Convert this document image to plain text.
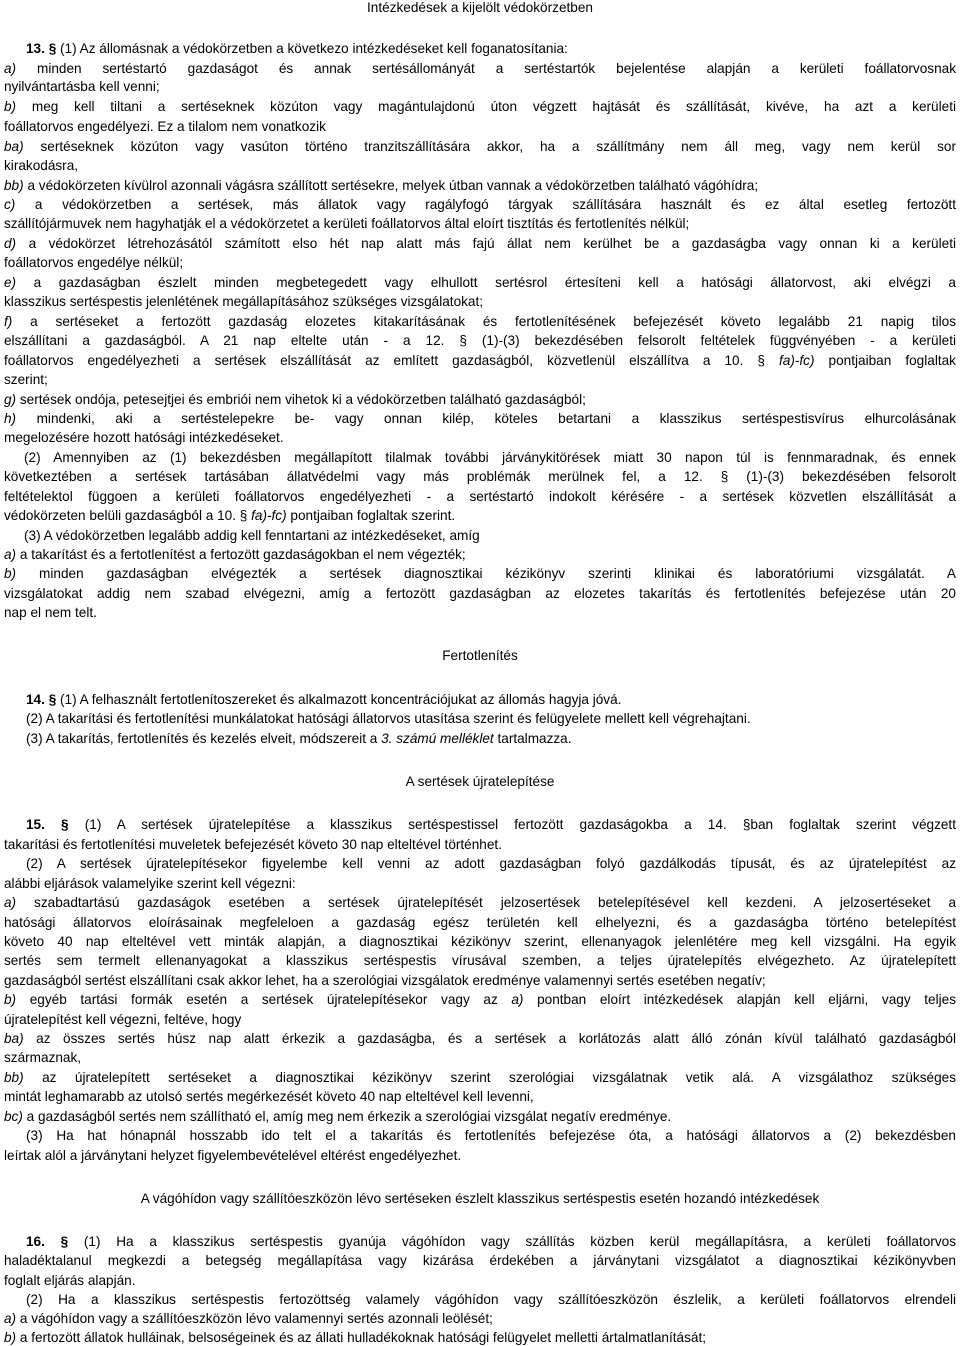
Intézkedések a kijelölt védokörzetben
13. § (1) Az állomásnak a védokörzetben a következo intézkedéseket kell foganatosítania:
a) minden sertéstartó gazdaságot és annak sertésállományát a sertéstartók bejelentése alapján a kerületi foállatorvosnak
nyilvántartásba kell venni;
b) meg kell tiltani a sertéseknek közúton vagy magántulajdonú úton végzett hajtását és szállítását, kivéve, ha azt a kerületi
foállatorvos engedélyezi. Ez a tilalom nem vonatkozik
ba) sertéseknek közúton vagy vasúton történo tranzitszállítására akkor, ha a szállítmány nem áll meg, vagy nem kerül sor
kirakodásra,
bb) a védokörzeten kívülrol azonnali vágásra szállított sertésekre, melyek útban vannak a védokörzetben található vágóhídra;
c) a védokörzetben a sertések, más állatok vagy ragályfogó tárgyak szállítására használt és ez által esetleg fertozött
szállítójármuvek nem hagyhatják el a védokörzetet a kerületi foállatorvos által eloírt tisztítás és fertotlenítés nélkül;
d) a védokörzet létrehozásától számított elso hét nap alatt más fajú állat nem kerülhet be a gazdaságba vagy onnan ki a kerületi
foállatorvos engedélye nélkül;
e) a gazdaságban észlelt minden megbetegedett vagy elhullott sertésrol értesíteni kell a hatósági állatorvost, aki elvégzi a
klasszikus sertéspestis jelenlétének megállapításához szükséges vizsgálatokat;
f) a sertéseket a fertozött gazdaság elozetes kitakarításának és fertotlenítésének befejezését követo legalább 21 napig tilos
elszállítani a gazdaságból. A 21 nap eltelte után - a 12. § (1)-(3) bekezdésében felsorolt feltételek függvényében - a kerületi
foállatorvos engedélyezheti a sertések elszállítását az említett gazdaságból, közvetlenül elszállítva a 10. § fa)-fc) pontjaiban foglaltak
szerint;
g) sertések ondója, petesejtjei és embriói nem vihetok ki a védokörzetben található gazdaságból;
h) mindenki, aki a sertéstelepekre be- vagy onnan kilép, köteles betartani a klasszikus sertéspestisvírus elhurcolásának
megelozésére hozott hatósági intézkedéseket.
(2) Amennyiben az (1) bekezdésben megállapított tilalmak további járványkitörések miatt 30 napon túl is fennmaradnak, és ennek
következtében a sertések tartásában állatvédelmi vagy más problémák merülnek fel, a 12. § (1)-(3) bekezdésében felsorolt
feltételektol függoen a kerületi foállatorvos engedélyezheti - a sertéstartó indokolt kérésére - a sertések közvetlen elszállítását a
védokörzeten belüli gazdaságból a 10. § fa)-fc) pontjaiban foglaltak szerint.
(3) A védokörzetben legalább addig kell fenntartani az intézkedéseket, amíg
a) a takarítást és a fertotlenítést a fertozött gazdaságokban el nem végezték;
b) minden gazdaságban elvégezték a sertések diagnosztikai kézikönyv szerinti klinikai és laboratóriumi vizsgálatát. A
vizsgálatokat addig nem szabad elvégezni, amíg a fertozött gazdaságban az elozetes takarítás és fertotlenítés befejezése után 20
nap el nem telt.
Fertotlenítés
14. § (1) A felhasznált fertotlenítoszereket és alkalmazott koncentrációjukat az állomás hagyja jóvá.
(2) A takarítási és fertotlenítési munkálatokat hatósági állatorvos utasítása szerint és felügyelete mellett kell végrehajtani.
(3) A takarítás, fertotlenítés és kezelés elveit, módszereit a 3. számú melléklet tartalmazza.
A sertések újratelepítése
15. § (1) A sertések újratelepítése a klasszikus sertéspestissel fertozött gazdaságokba a 14. §ban foglaltak szerint végzett
takarítási és fertotlenítési muveletek befejezését követo 30 nap elteltével történhet.
(2) A sertések újratelepítésekor figyelembe kell venni az adott gazdaságban folyó gazdálkodás típusát, és az újratelepítést az
alábbi eljárások valamelyike szerint kell végezni:
a) szabadtartású gazdaságok esetében a sertések újratelepítését jelzosertések betelepítésével kell kezdeni. A jelzosertéseket a
hatósági állatorvos eloírásainak megfeleloen a gazdaság egész területén kell elhelyezni, és a gazdaságba történo betelepítést
követo 40 nap elteltével vett minták alapján, a diagnosztikai kézikönyv szerint, ellenanyagok jelenlétére meg kell vizsgálni. Ha egyik
sertés sem termelt ellenanyagokat a klasszikus sertéspestis vírusával szemben, a teljes újratelepítés elvégezheto. Az újratelepített
gazdaságból sertést elszállítani csak akkor lehet, ha a szerológiai vizsgálatok eredménye valamennyi sertés esetében negatív;
b) egyéb tartási formák esetén a sertések újratelepítésekor vagy az a) pontban eloírt intézkedések alapján kell eljárni, vagy teljes
újratelepítést kell végezni, feltéve, hogy
ba) az összes sertés húsz nap alatt érkezik a gazdaságba, és a sertések a korlátozás alatt álló zónán kívül található gazdaságból
származnak,
bb) az újratelepített sertéseket a diagnosztikai kézikönyv szerint szerológiai vizsgálatnak vetik alá. A vizsgálathoz szükséges
mintát leghamarabb az utolsó sertés megérkezését követo 40 nap elteltével kell levenni,
bc) a gazdaságból sertés nem szállítható el, amíg meg nem érkezik a szerológiai vizsgálat negatív eredménye.
(3) Ha hat hónapnál hosszabb ido telt el a takarítás és fertotlenítés befejezése óta, a hatósági állatorvos a (2) bekezdésben
leírtak alól a járványtani helyzet figyelembevételével eltérést engedélyezhet.
A vágóhídon vagy szállítóeszközön lévo sertéseken észlelt klasszikus sertéspestis esetén hozandó intézkedések
16. § (1) Ha a klasszikus sertéspestis gyanúja vágóhídon vagy szállítás közben kerül megállapításra, a kerületi foállatorvos
haladéktalanul megkezdi a betegség megállapítása vagy kizárása érdekében a járványtani vizsgálatot a diagnosztikai kézikönyvben
foglalt eljárás alapján.
(2) Ha a klasszikus sertéspestis fertozöttség valamely vágóhídon vagy szállítóeszközön észlelik, a kerületi foállatorvos elrendeli
a) a vágóhídon vagy a szállítóeszközön lévo valamennyi sertés azonnali leölését;
b) a fertozött állatok hulláinak, belsoségeinek és az állati hulladékoknak hatósági felügyelet melletti ártalmatlanítását;
